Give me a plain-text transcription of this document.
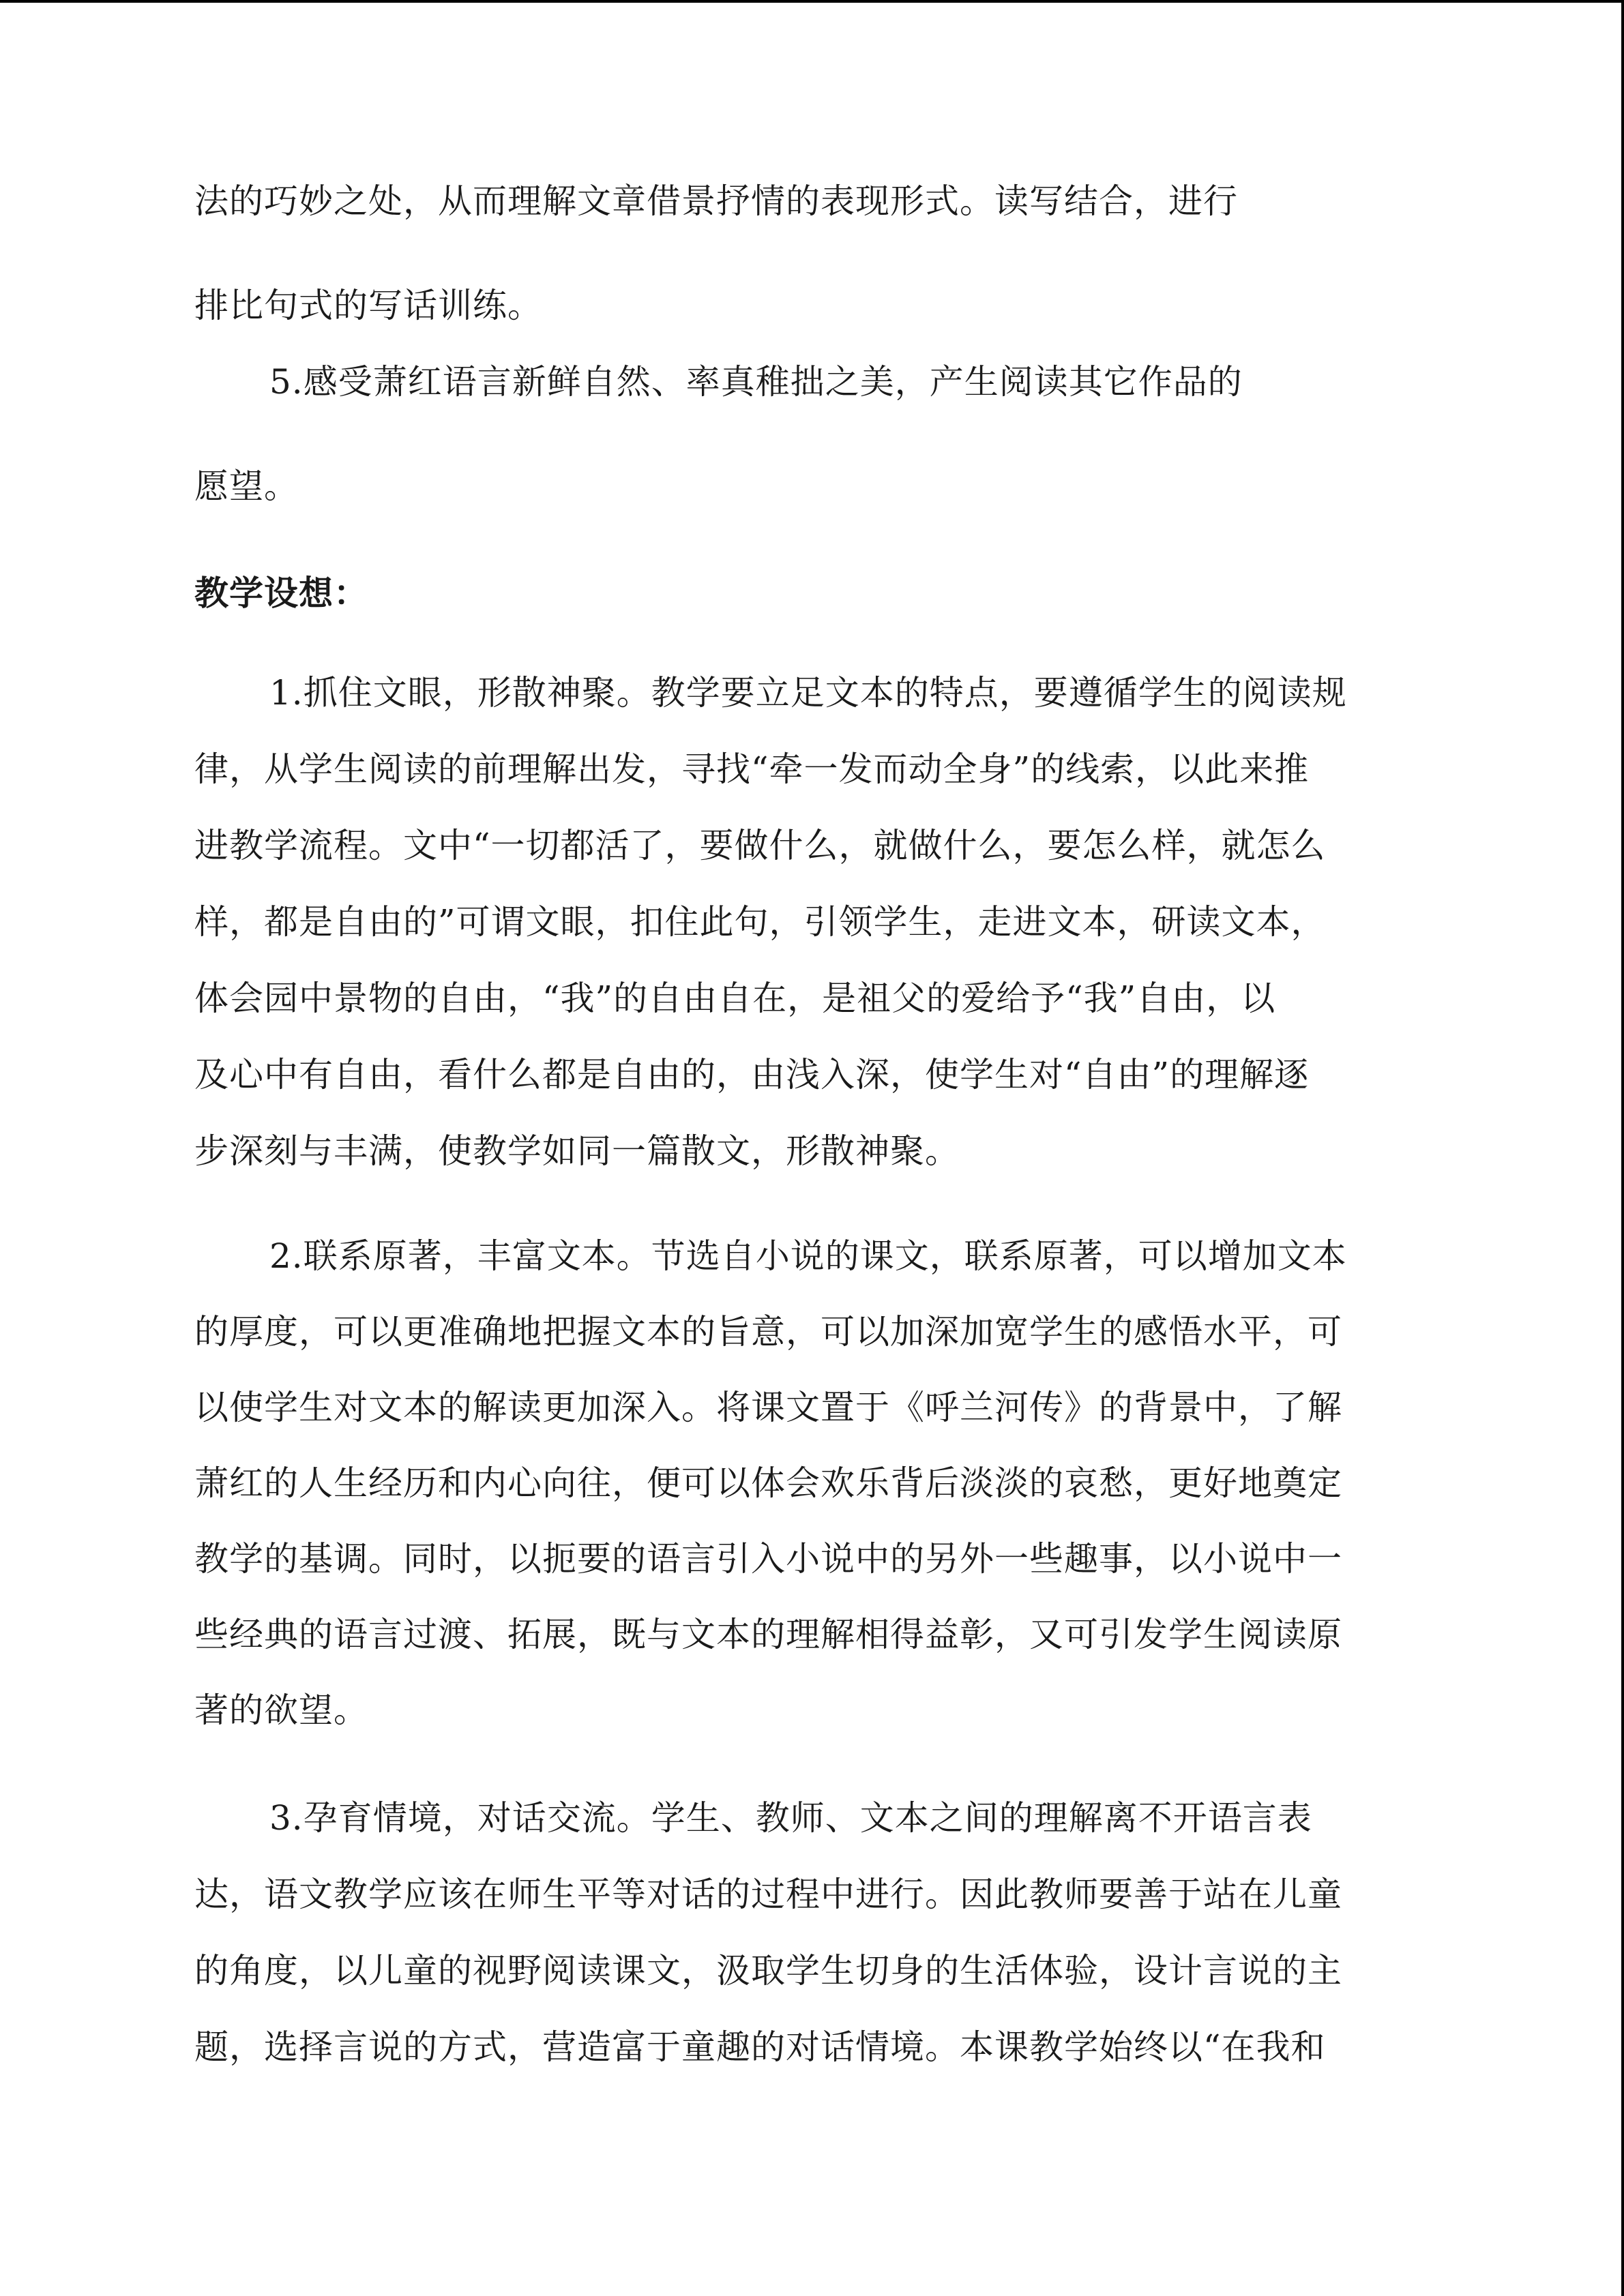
法的巧妙之处，从而理解文章借景抒情的表现形式。读写结合，进行
排比句式的写话训练。
5.感受萧红语言新鲜自然、率真稚拙之美，产生阅读其它作品的
愿望。
教学设想：
1.抓住文眼，形散神聚。教学要立足文本的特点，要遵循学生的阅读规
律，从学生阅读的前理解出发，寻找“牵一发而动全身”的线索，以此来推
进教学流程。文中“一切都活了，要做什么，就做什么，要怎么样，就怎么
样，都是自由的”可谓文眼，扣住此句，引领学生，走进文本，研读文本，
体会园中景物的自由，“我”的自由自在，是祖父的爱给予“我”自由，以
及心中有自由，看什么都是自由的，由浅入深，使学生对“自由”的理解逐
步深刻与丰满，使教学如同一篇散文，形散神聚。
2.联系原著，丰富文本。节选自小说的课文，联系原著，可以增加文本
的厚度，可以更准确地把握文本的旨意，可以加深加宽学生的感悟水平，可
以使学生对文本的解读更加深入。将课文置于《呼兰河传》的背景中，了解
萧红的人生经历和内心向往，便可以体会欢乐背后淡淡的哀愁，更好地奠定
教学的基调。同时，以扼要的语言引入小说中的另外一些趣事，以小说中一
些经典的语言过渡、拓展，既与文本的理解相得益彰，又可引发学生阅读原
著的欲望。
3.孕育情境，对话交流。学生、教师、文本之间的理解离不开语言表
达，语文教学应该在师生平等对话的过程中进行。因此教师要善于站在儿童
的角度，以儿童的视野阅读课文，汲取学生切身的生活体验，设计言说的主
题，选择言说的方式，营造富于童趣的对话情境。本课教学始终以“在我和
